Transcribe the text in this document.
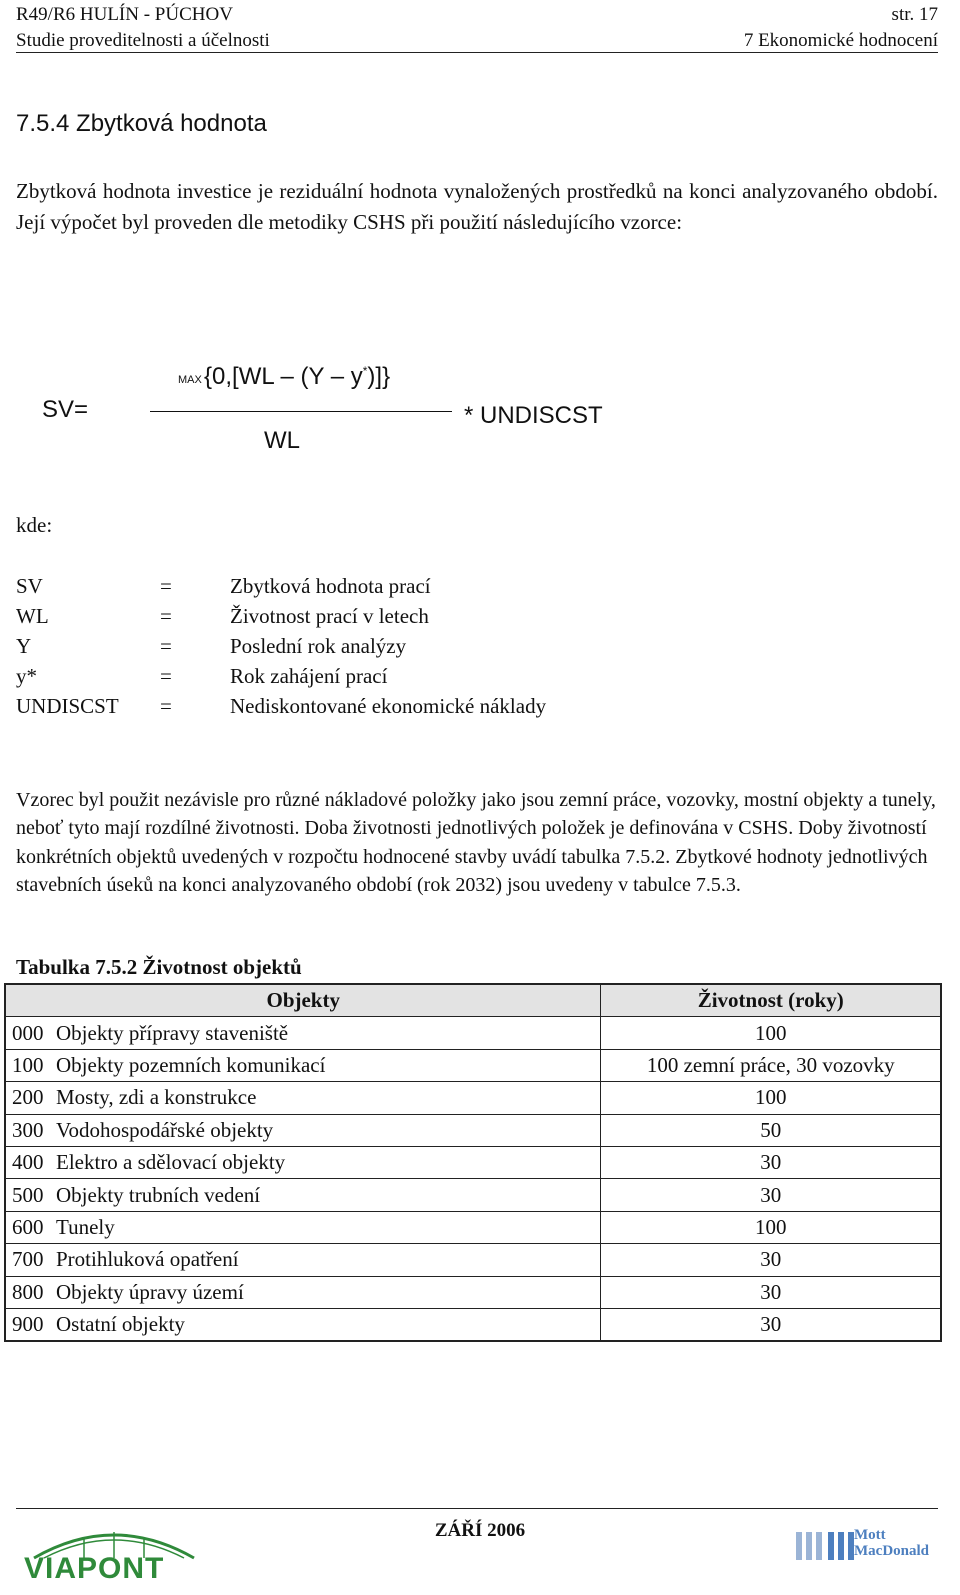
R49/R6 HULÍN - PÚCHOV
Studie proveditelnosti a účelnosti
str. 17
7 Ekonomické hodnocení
7.5.4 Zbytková hodnota
Zbytková hodnota investice je reziduální hodnota vynaložených prostředků na konci analyzovaného období. Její výpočet byl proveden dle metodiky CSHS při použití následujícího vzorce:
SV=
MAX {0,[WL – (Y – y*)]}
WL
* UNDISCST
kde:
SV	=	Zbytková hodnota prací
WL	=	Životnost prací v letech
Y	=	Poslední rok analýzy
y*	=	Rok zahájení prací
UNDISCST =	Nediskontované ekonomické náklady
Vzorec byl použit nezávisle pro různé nákladové položky jako jsou zemní práce, vozovky, mostní objekty a tunely, neboť tyto mají rozdílné životnosti. Doba životnosti jednotlivých položek je definována v CSHS. Doby životností konkrétních objektů uvedených v rozpočtu hodnocené stavby uvádí tabulka 7.5.2. Zbytkové hodnoty jednotlivých stavebních úseků na konci analyzovaného období (rok 2032) jsou uvedeny v tabulce 7.5.3.
Tabulka 7.5.2 Životnost objektů
Objekty		Životnost (roky)
000	Objekty přípravy staveniště	100
100	Objekty pozemních komunikací	100 zemní práce, 30 vozovky
200	Mosty, zdi a konstrukce	100
300	Vodohospodářské objekty	50
400	Elektro a sdělovací objekty	30
500	Objekty trubních vedení	30
600	Tunely	100
700	Protihluková opatření	30
800	Objekty úpravy území	30
900	Ostatní objekty	30
ZÁŘÍ 2006
VIAPONT
Mott
MacDonald
